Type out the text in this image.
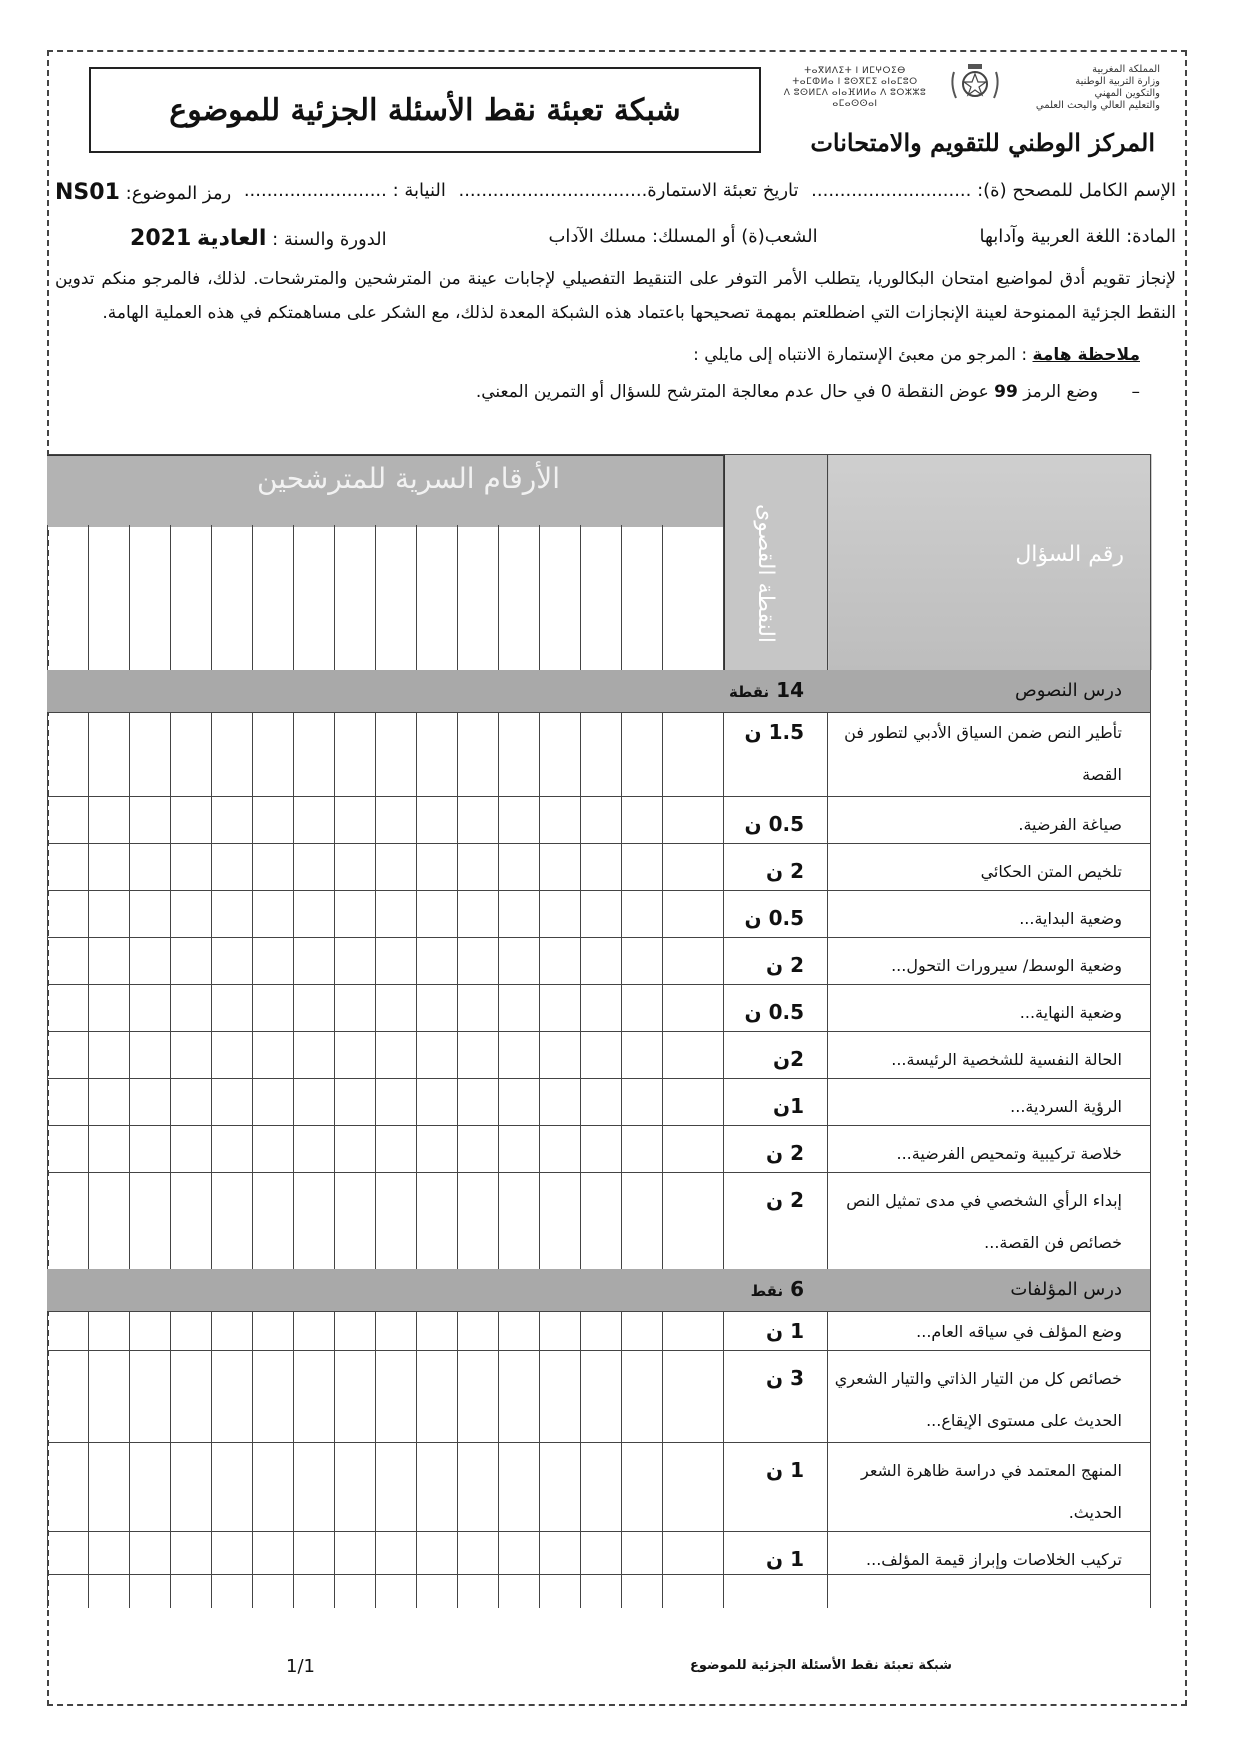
شبكة تعبئة نقط الأسئلة الجزئية للموضوع
ⵜⴰⴳⵍⴷⵉⵜ ⵏ ⵍⵎⵖⵔⵉⴱ
ⵜⴰⵎⵀⵍⴰ ⵏ ⵓⵙⴳⵎⵉ ⴰⵏⴰⵎⵓⵔ
ⴷ ⵓⵙⵍⵎⴷ ⴰⵏⴰⴼⵍⵍⴰ ⴷ ⵓⵔⵣⵣⵓ ⴰⵎⴰⵙⵙⴰⵏ
المملكة المغربية
وزارة التربية الوطنية
والتكوين المهني
والتعليم العالي والبحث العلمي
المركز الوطني للتقويم والامتحانات
الإسم الكامل للمصحح (ة): ............................
تاريخ تعبئة الاستمارة.................................
النيابة : .........................
رمز الموضوع: NS01
المادة: اللغة العربية وآدابها
الشعب(ة) أو المسلك: مسلك الآداب
الدورة والسنة : العادية 2021
لإنجاز تقويم أدق لمواضيع امتحان البكالوريا، يتطلب الأمر التوفر على التنقيط التفصيلي لإجابات عينة من المترشحين والمترشحات. لذلك، فالمرجو منكم تدوين النقط الجزئية الممنوحة لعينة الإنجازات التي اضطلعتم بمهمة تصحيحها باعتماد هذه الشبكة المعدة لذلك، مع الشكر على مساهمتكم في هذه العملية الهامة.
ملاحظة هامة : المرجو من معبئ الإستمارة الانتباه إلى مايلي :
– وضع الرمز 99 عوض النقطة 0 في حال عدم معالجة المترشح للسؤال أو التمرين المعني.
الأرقام السرية للمترشحين
رقم السؤال
النقطة القصوى
درس النصوص
14 نقطة
درس المؤلفات
6 نقط
تأطير النص ضمن السياق الأدبي لتطور فن القصة
1.5 ن
صياغة الفرضية.
0.5 ن
تلخيص المتن الحكائي
2 ن
وضعية البداية...
0.5 ن
وضعية الوسط/ سيرورات التحول...
2 ن
وضعية النهاية...
0.5 ن
الحالة النفسية للشخصية الرئيسة...
2ن
الرؤية السردية...
1ن
خلاصة تركيبية وتمحيص الفرضية...
2 ن
إبداء الرأي الشخصي في مدى تمثيل النص خصائص فن القصة...
2 ن
وضع المؤلف في سياقه العام...
1 ن
خصائص كل من التيار الذاتي والتيار الشعري الحديث على مستوى الإيقاع...
3 ن
المنهج المعتمد في دراسة ظاهرة الشعر الحديث.
1 ن
تركيب الخلاصات وإبراز قيمة المؤلف...
1 ن
1/1	شبكة تعبئة نقط الأسئلة الجزئية للموضوع
